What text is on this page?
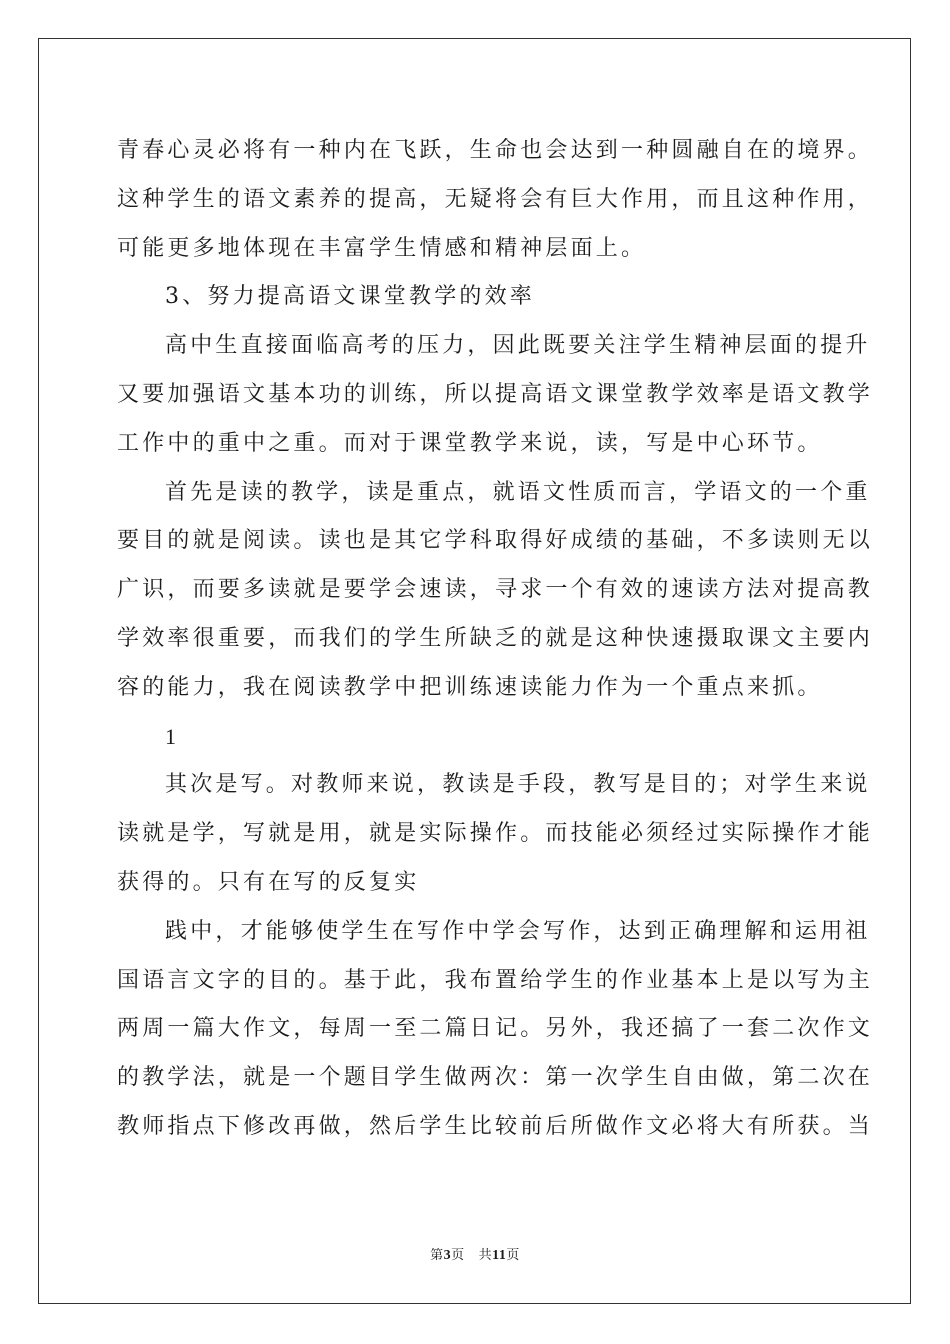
青春心灵必将有一种内在飞跃，生命也会达到一种圆融自在的境界。
这种学生的语文素养的提高，无疑将会有巨大作用，而且这种作用，
可能更多地体现在丰富学生情感和精神层面上。
3、努力提高语文课堂教学的效率
高中生直接面临高考的压力，因此既要关注学生精神层面的提升
又要加强语文基本功的训练，所以提高语文课堂教学效率是语文教学
工作中的重中之重。而对于课堂教学来说，读，写是中心环节。
首先是读的教学，读是重点，就语文性质而言，学语文的一个重
要目的就是阅读。读也是其它学科取得好成绩的基础，不多读则无以
广识，而要多读就是要学会速读，寻求一个有效的速读方法对提高教
学效率很重要，而我们的学生所缺乏的就是这种快速摄取课文主要内
容的能力，我在阅读教学中把训练速读能力作为一个重点来抓。
1
其次是写。对教师来说，教读是手段，教写是目的；对学生来说
读就是学，写就是用，就是实际操作。而技能必须经过实际操作才能
获得的。只有在写的反复实
践中，才能够使学生在写作中学会写作，达到正确理解和运用祖
国语言文字的目的。基于此，我布置给学生的作业基本上是以写为主
两周一篇大作文，每周一至二篇日记。另外，我还搞了一套二次作文
的教学法，就是一个题目学生做两次：第一次学生自由做，第二次在
教师指点下修改再做，然后学生比较前后所做作文必将大有所获。当
第3页 共11页
